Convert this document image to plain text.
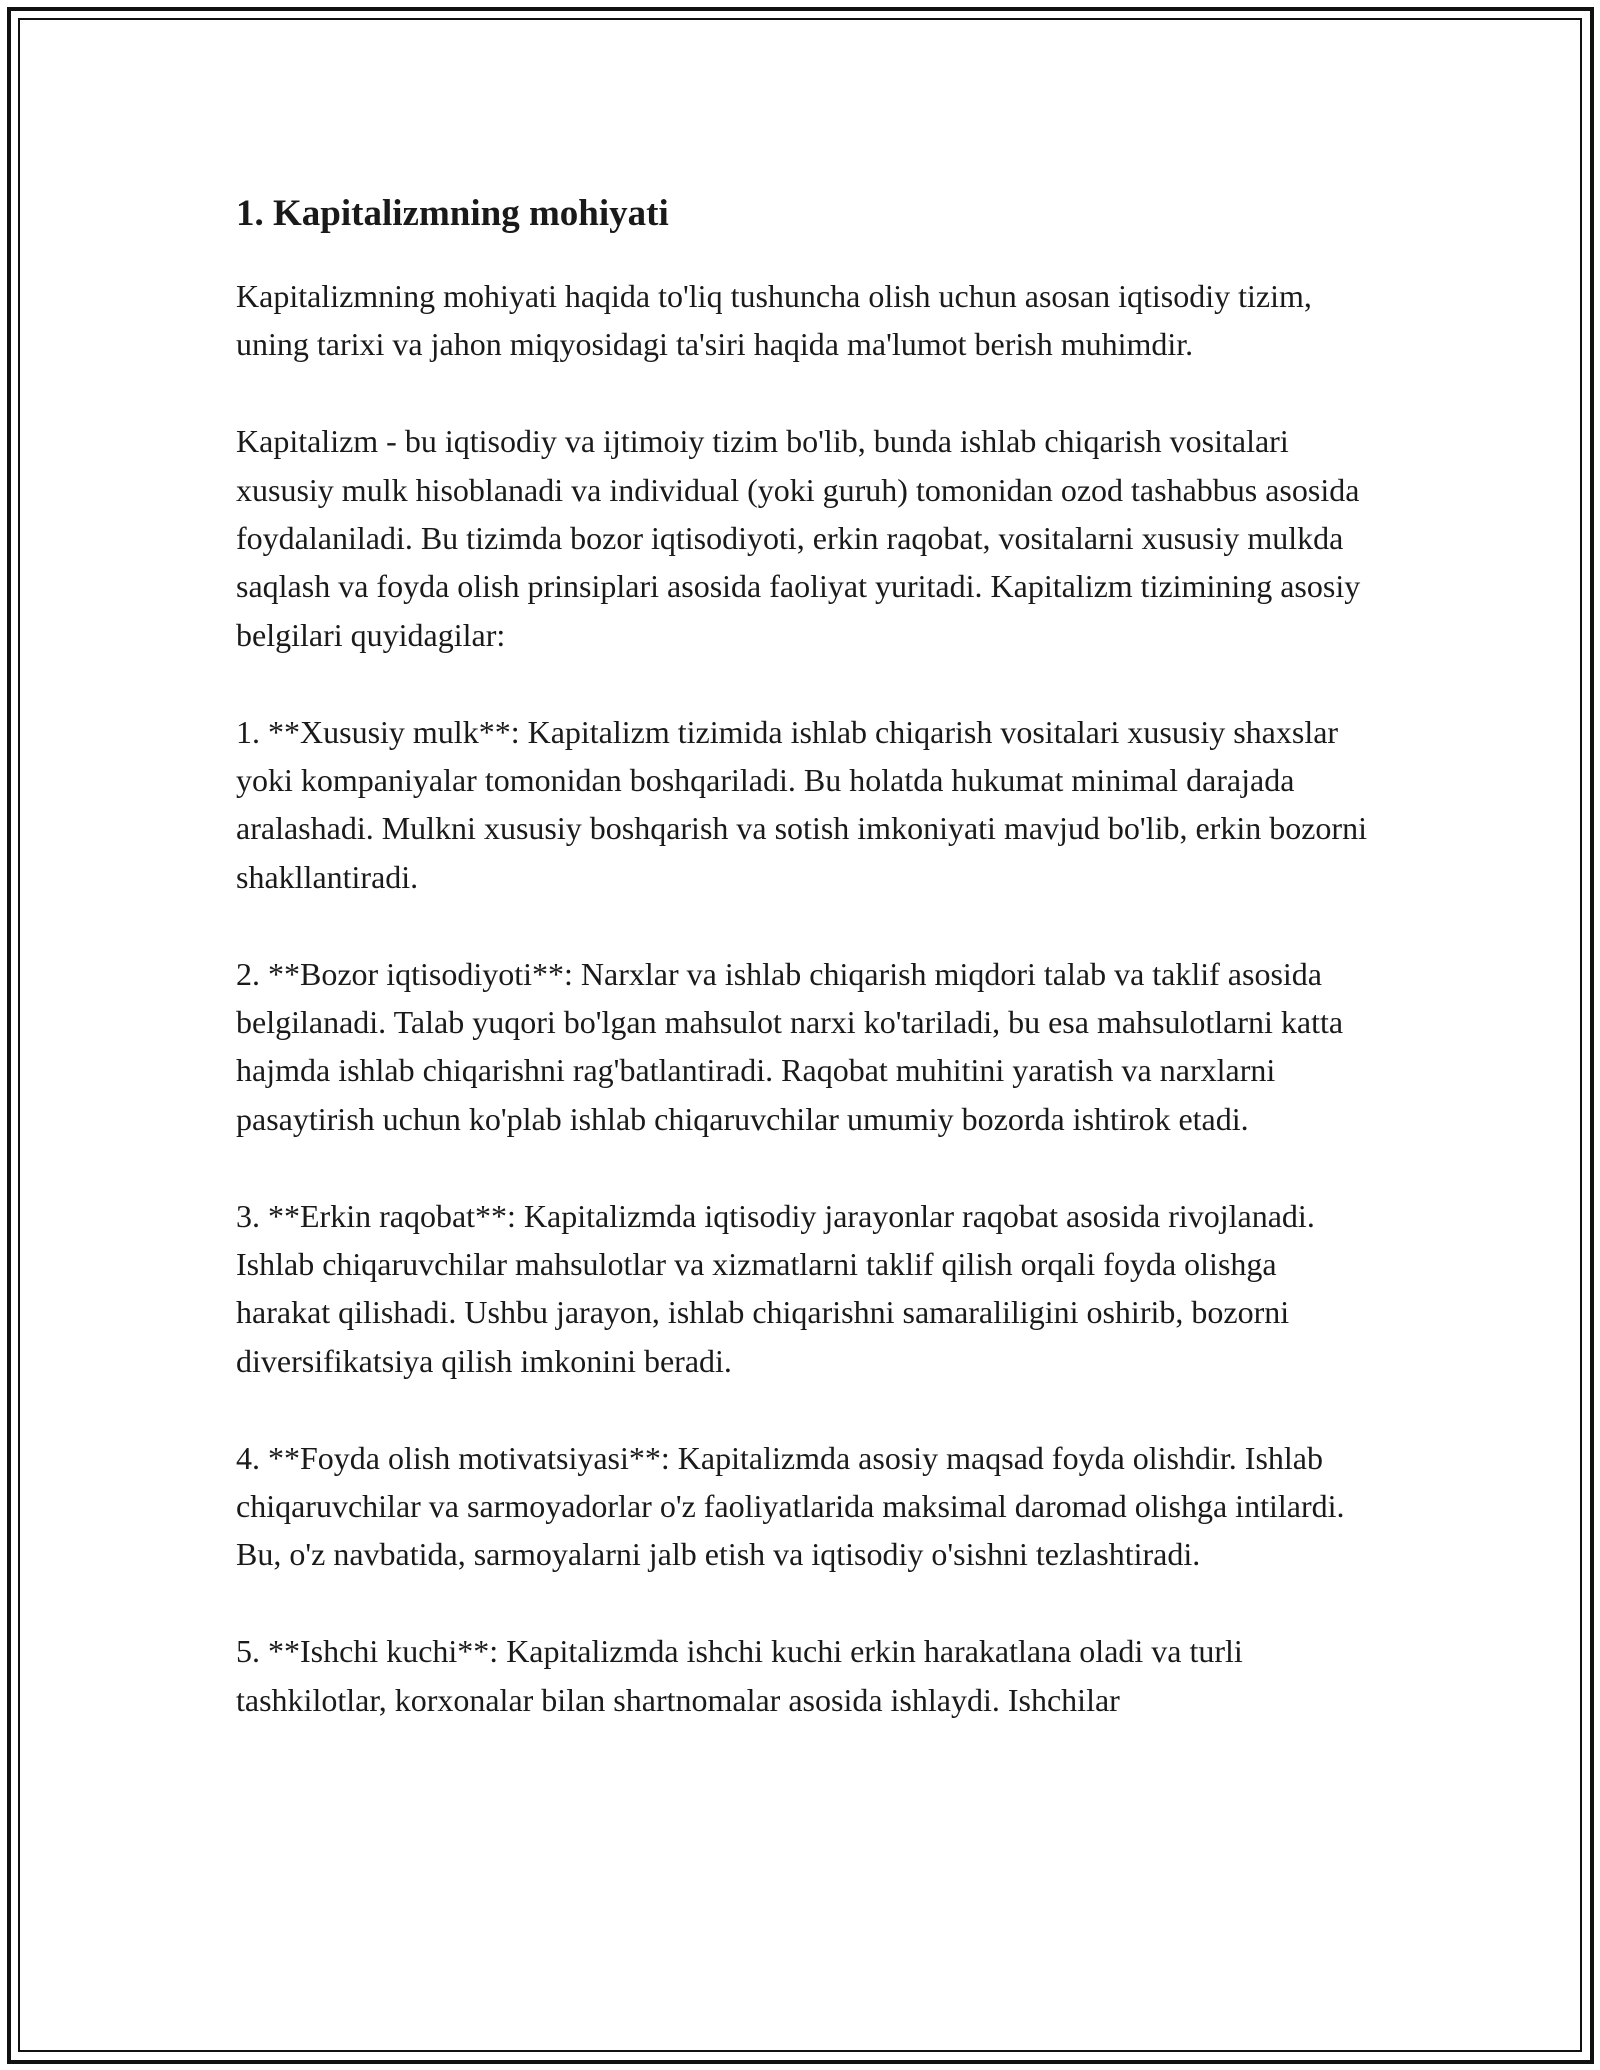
1. Kapitalizmning mohiyati

Kapitalizmning mohiyati haqida to'liq tushuncha olish uchun asosan iqtisodiy tizim, uning tarixi va jahon miqyosidagi ta'siri haqida ma'lumot berish muhimdir.

Kapitalizm - bu iqtisodiy va ijtimoiy tizim bo'lib, bunda ishlab chiqarish vositalari xususiy mulk hisoblanadi va individual (yoki guruh) tomonidan ozod tashabbus asosida foydalaniladi. Bu tizimda bozor iqtisodiyoti, erkin raqobat, vositalarni xususiy mulkda saqlash va foyda olish prinsiplari asosida faoliyat yuritadi. Kapitalizm tizimining asosiy belgilari quyidagilar:

1. **Xususiy mulk**: Kapitalizm tizimida ishlab chiqarish vositalari xususiy shaxslar yoki kompaniyalar tomonidan boshqariladi. Bu holatda hukumat minimal darajada aralashadi. Mulkni xususiy boshqarish va sotish imkoniyati mavjud bo'lib, erkin bozorni shakllantiradi.

2. **Bozor iqtisodiyoti**: Narxlar va ishlab chiqarish miqdori talab va taklif asosida belgilanadi. Talab yuqori bo'lgan mahsulot narxi ko'tariladi, bu esa mahsulotlarni katta hajmda ishlab chiqarishni rag'batlantiradi. Raqobat muhitini yaratish va narxlarni pasaytirish uchun ko'plab ishlab chiqaruvchilar umumiy bozorda ishtirok etadi.

3. **Erkin raqobat**: Kapitalizmda iqtisodiy jarayonlar raqobat asosida rivojlanadi. Ishlab chiqaruvchilar mahsulotlar va xizmatlarni taklif qilish orqali foyda olishga harakat qilishadi. Ushbu jarayon, ishlab chiqarishni samaraliligini oshirib, bozorni diversifikatsiya qilish imkonini beradi.

4. **Foyda olish motivatsiyasi**: Kapitalizmda asosiy maqsad foyda olishdir. Ishlab chiqaruvchilar va sarmoyadorlar o'z faoliyatlarida maksimal daromad olishga intilardi. Bu, o'z navbatida, sarmoyalarni jalb etish va iqtisodiy o'sishni tezlashtiradi.

5. **Ishchi kuchi**: Kapitalizmda ishchi kuchi erkin harakatlana oladi va turli tashkilotlar, korxonalar bilan shartnomalar asosida ishlaydi. Ishchilar
